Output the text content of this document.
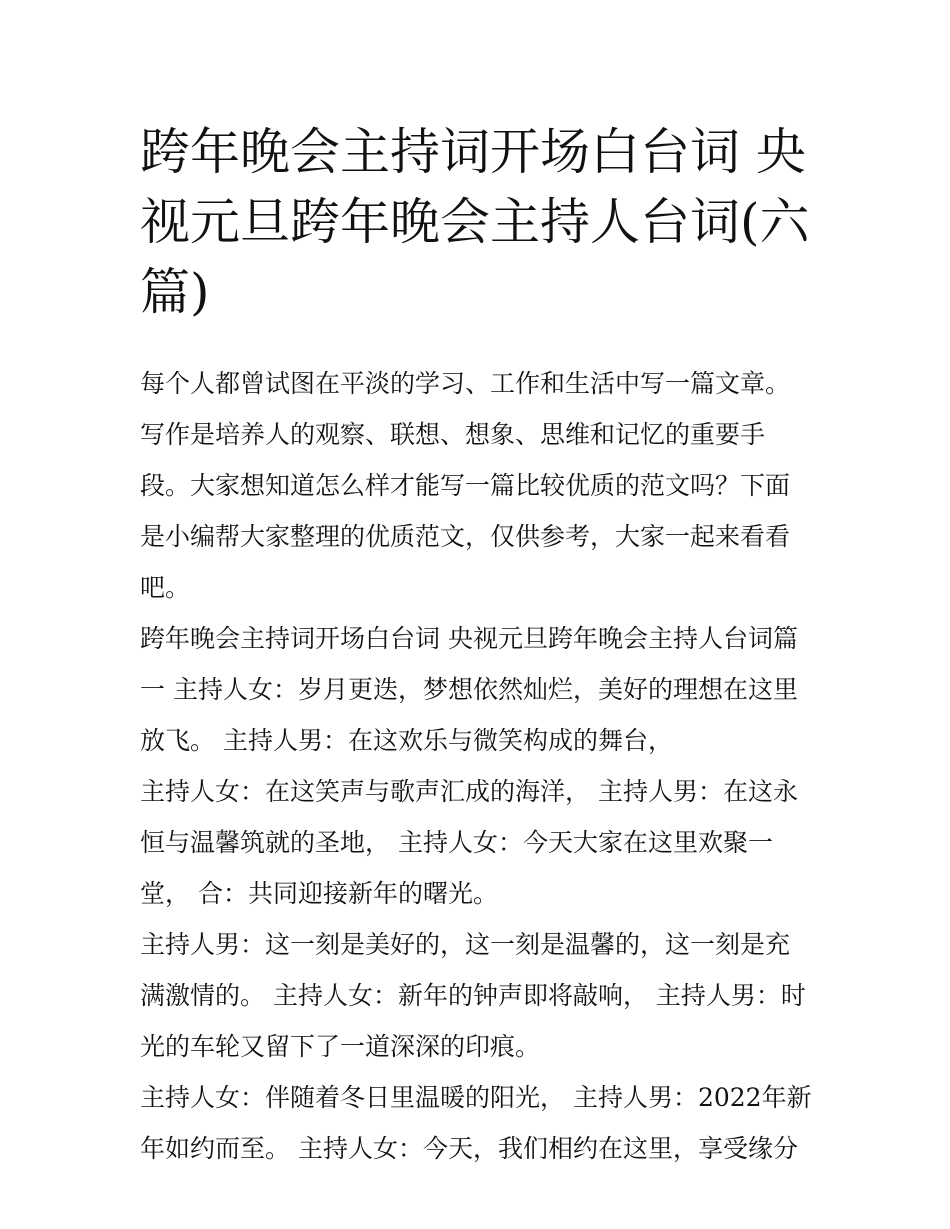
跨年晚会主持词开场白台词 央视元旦跨年晚会主持人台词(六篇)

每个人都曾试图在平淡的学习、工作和生活中写一篇文章。写作是培养人的观察、联想、想象、思维和记忆的重要手段。大家想知道怎么样才能写一篇比较优质的范文吗？下面是小编帮大家整理的优质范文，仅供参考，大家一起来看看吧。

跨年晚会主持词开场白台词 央视元旦跨年晚会主持人台词篇一 主持人女：岁月更迭，梦想依然灿烂，美好的理想在这里放飞。 主持人男：在这欢乐与微笑构成的舞台，

主持人女：在这笑声与歌声汇成的海洋， 主持人男：在这永恒与温馨筑就的圣地， 主持人女：今天大家在这里欢聚一堂， 合：共同迎接新年的曙光。

主持人男：这一刻是美好的，这一刻是温馨的，这一刻是充满激情的。 主持人女：新年的钟声即将敲响， 主持人男：时光的车轮又留下了一道深深的印痕。

主持人女：伴随着冬日里温暖的阳光， 主持人男：2022年新年如约而至。 主持人女：今天，我们相约在这里，享受缘分
